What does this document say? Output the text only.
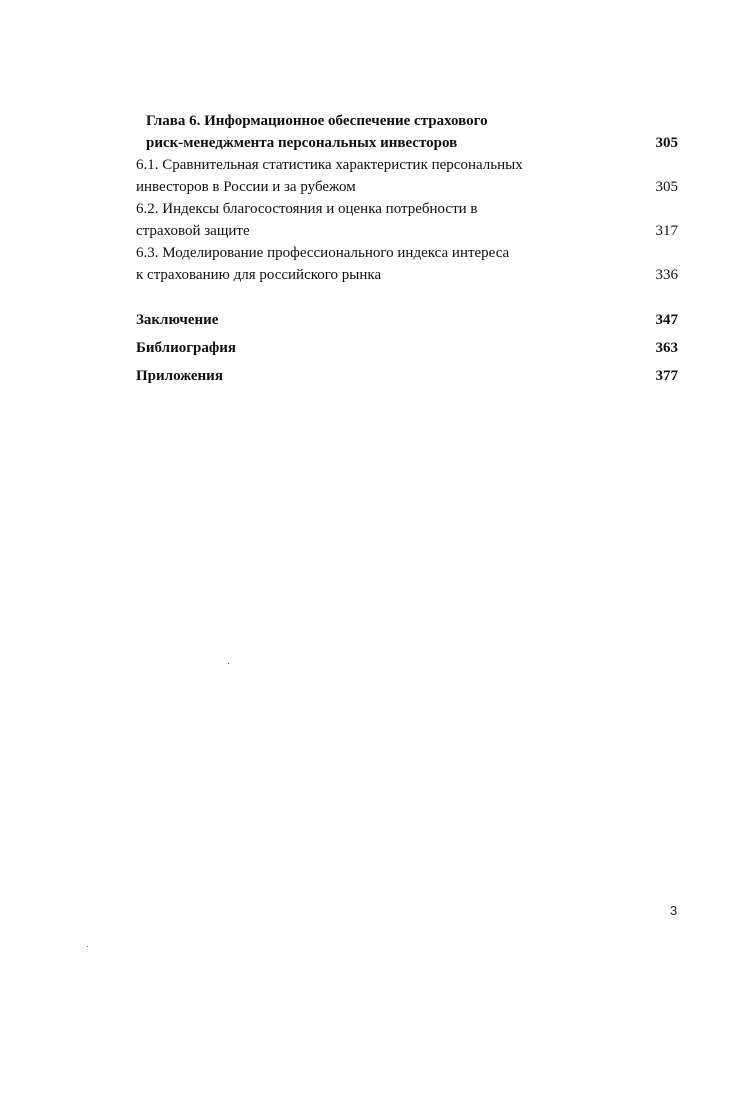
Глава 6. Информационное обеспечение страхового
риск-менеджмента персональных инвесторов	305
6.1. Сравнительная статистика характеристик персональных
инвесторов в России и за рубежом	305
6.2. Индексы благосостояния и оценка потребности в
страховой защите	317
6.3. Моделирование профессионального индекса интереса
к страхованию для российского рынка	336
Заключение	347
Библиография	363
Приложения	377
3
